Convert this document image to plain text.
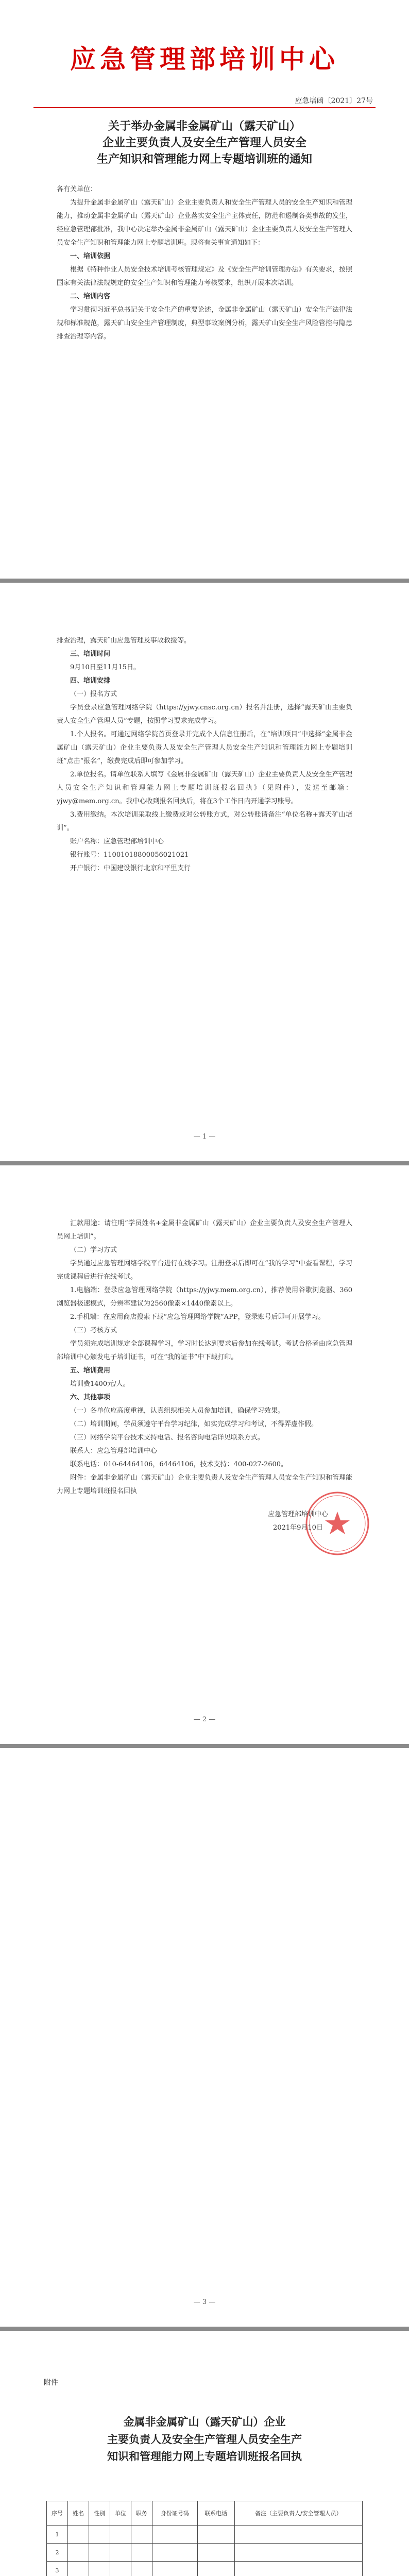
应急管理部培训中心
应急培函〔2021〕27号
关于举办金属非金属矿山（露天矿山）
企业主要负责人及安全生产管理人员安全
生产知识和管理能力网上专题培训班的通知

各有关单位：

为提升金属非金属矿山（露天矿山）企业主要负责人和安全生产管理人员的安全生产知识和管理能力，推动金属非金属矿山（露天矿山）企业落实安全生产主体责任，防范和遏制各类事故的发生，经应急管理部批准，我中心决定举办金属非金属矿山（露天矿山）企业主要负责人及安全生产管理人员安全生产知识和管理能力网上专题培训班。现将有关事宜通知如下：

一、培训依据

根据《特种作业人员安全技术培训考核管理规定》及《安全生产培训管理办法》有关要求，按照国家有关法律法规规定的安全生产知识和管理能力考核要求，组织开展本次培训。

二、培训内容

学习贯彻习近平总书记关于安全生产的重要论述，金属非金属矿山（露天矿山）安全生产法律法规和标准规范，露天矿山安全生产管理制度，典型事故案例分析，露天矿山安全生产风险管控与隐患排查治理等内容。

排查治理，露天矿山应急管理及事故救援等。

三、培训时间

9月10日至11月15日。

四、培训安排

（一）报名方式

学员登录应急管理网络学院（https://yjwy.cnsc.org.cn）报名并注册，选择“露天矿山主要负责人安全生产管理人员”专题，按照学习要求完成学习。

1.个人报名。可通过网络学院首页登录并完成个人信息注册后，在“培训项目”中选择“金属非金属矿山（露天矿山）企业主要负责人及安全生产管理人员安全生产知识和管理能力网上专题培训班”点击“报名”，缴费完成后即可参加学习。

2.单位报名。请单位联系人填写《金属非金属矿山（露天矿山）企业主要负责人及安全生产管理人员安全生产知识和管理能力网上专题培训班报名回执》（见附件），发送至邮箱：yjwy@mem.org.cn。我中心收到报名回执后，将在3个工作日内开通学习账号。

3.费用缴纳。本次培训采取线上缴费或对公转账方式，对公转账请备注“单位名称+露天矿山培训”。

账户名称：应急管理部培训中心

银行账号：11001018800056021021

开户银行：中国建设银行北京和平里支行

— 1 —

汇款用途：请注明“学员姓名+金属非金属矿山（露天矿山）企业主要负责人及安全生产管理人员网上培训”。

（二）学习方式

学员通过应急管理网络学院平台进行在线学习。注册登录后即可在“我的学习”中查看课程，学习完成课程后进行在线考试。

1.电脑端：登录应急管理网络学院（https://yjwy.mem.org.cn），推荐使用谷歌浏览器、360浏览器极速模式，分辨率建议为2560像素×1440像素以上。

2.手机端：在应用商店搜索下载“应急管理网络学院”APP，登录账号后即可开展学习。

（三）考核方式

学员须完成培训规定全部课程学习，学习时长达到要求后参加在线考试。考试合格者由应急管理部培训中心颁发电子培训证书，可在“我的证书”中下载打印。

五、培训费用

培训费1400元/人。

六、其他事项

（一）各单位应高度重视，认真组织相关人员参加培训，确保学习效果。

（二）培训期间，学员须遵守平台学习纪律，如实完成学习和考试，不得弄虚作假。

（三）网络学院平台技术支持电话、报名咨询电话详见联系方式。

联系人：应急管理部培训中心

联系电话：010-64464106，64464106，技术支持：400-027-2600。

附件：金属非金属矿山（露天矿山）企业主要负责人及安全生产管理人员安全生产知识和管理能力网上专题培训班报名回执

应急管理部培训中心
2021年9月10日
— 2 —
— 3 —
附件
金属非金属矿山（露天矿山）企业
主要负责人及安全生产管理人员安全生产
知识和管理能力网上专题培训班报名回执
序号	姓名	性别	单位	职务	身份证号码	联系电话	备注（主要负责人/安全管理人员）
1							
2							
3							
